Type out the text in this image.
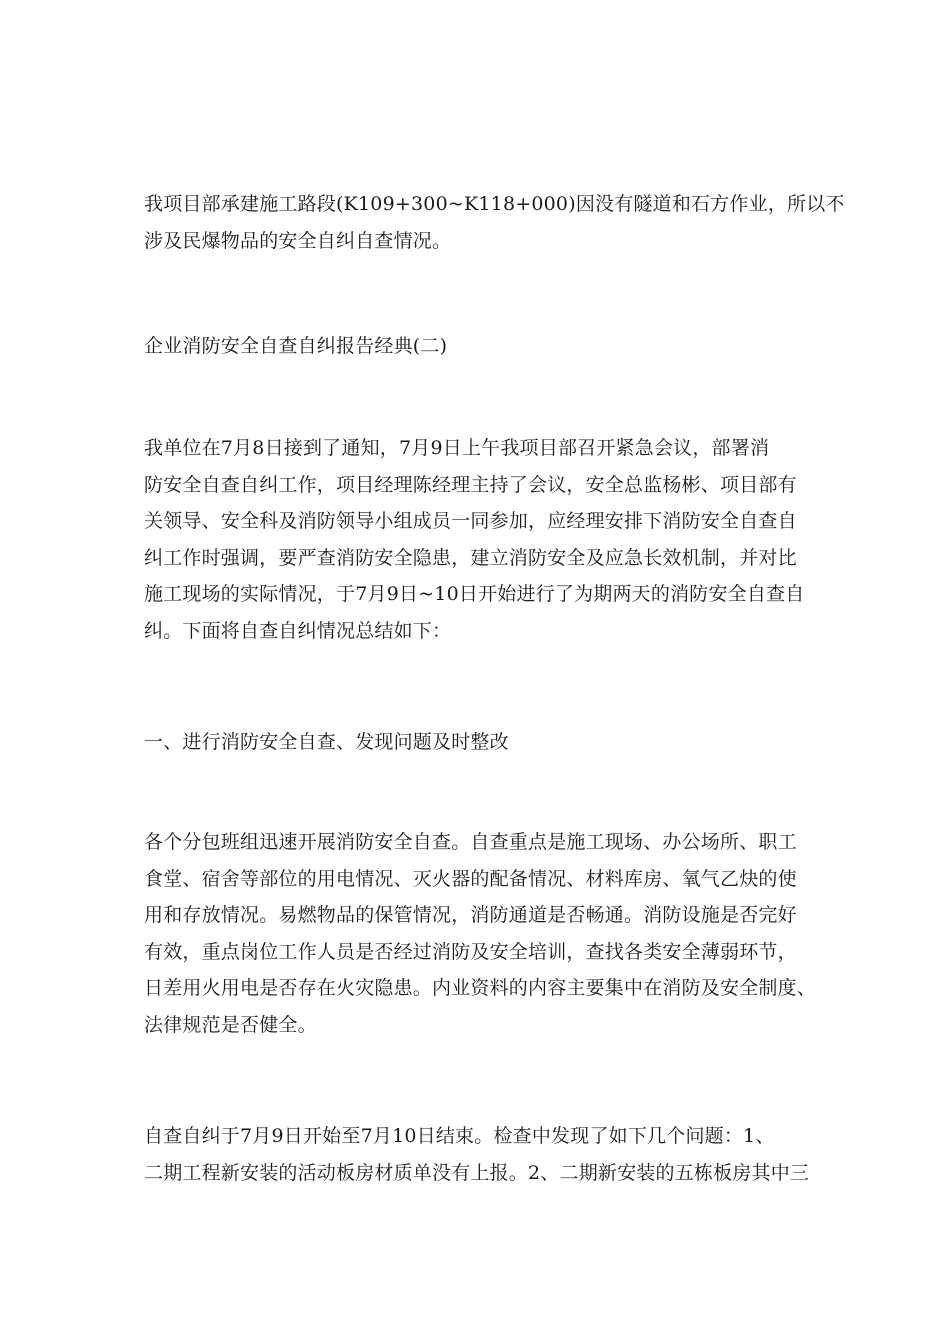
我项目部承建施工路段(K109+300~K118+000)因没有隧道和石方作业，所以不
涉及民爆物品的安全自纠自查情况。
企业消防安全自查自纠报告经典(二)
我单位在7月8日接到了通知，7月9日上午我项目部召开紧急会议，部署消
防安全自查自纠工作，项目经理陈经理主持了会议，安全总监杨彬、项目部有
关领导、安全科及消防领导小组成员一同参加，应经理安排下消防安全自查自
纠工作时强调，要严查消防安全隐患，建立消防安全及应急长效机制，并对比
施工现场的实际情况，于7月9日~10日开始进行了为期两天的消防安全自查自
纠。下面将自查自纠情况总结如下：
一、进行消防安全自查、发现问题及时整改
各个分包班组迅速开展消防安全自查。自查重点是施工现场、办公场所、职工
食堂、宿舍等部位的用电情况、灭火器的配备情况、材料库房、氧气乙炔的使
用和存放情况。易燃物品的保管情况，消防通道是否畅通。消防设施是否完好
有效，重点岗位工作人员是否经过消防及安全培训，查找各类安全薄弱环节，
日差用火用电是否存在火灾隐患。内业资料的内容主要集中在消防及安全制度、
法律规范是否健全。
自查自纠于7月9日开始至7月10日结束。检查中发现了如下几个问题：1、
二期工程新安装的活动板房材质单没有上报。2、二期新安装的五栋板房其中三
